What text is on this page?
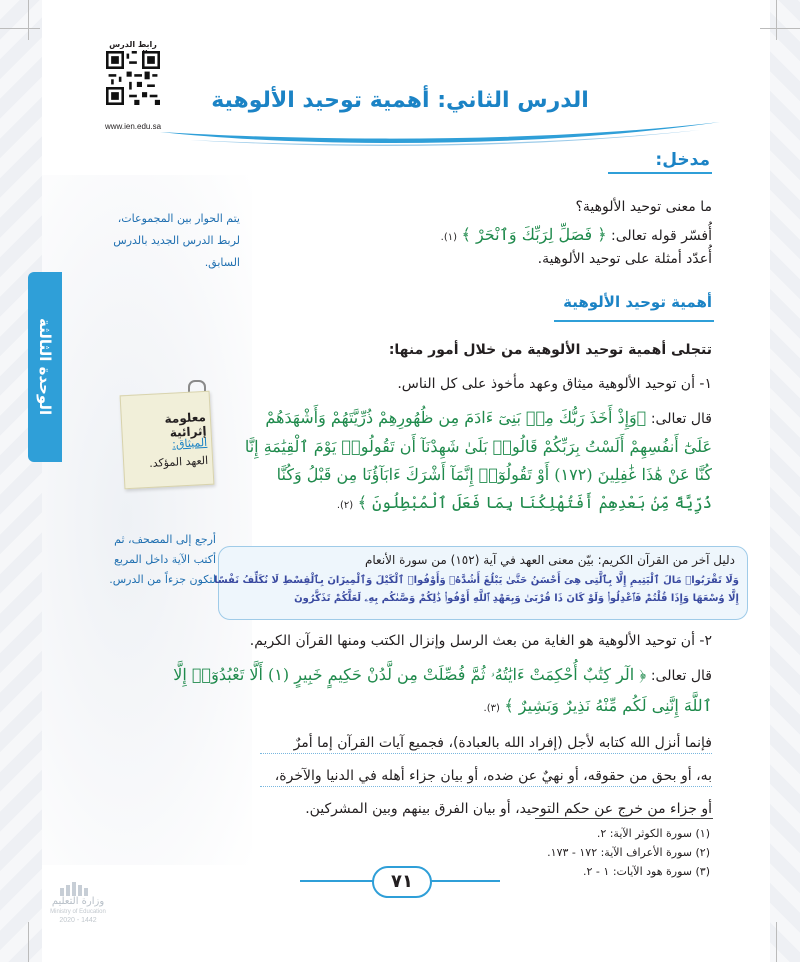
الوحدة الثالثة
رابط الدرس
www.ien.edu.sa
الدرس الثاني: أهمية توحيد الألوهية
مدخل:
ما معنى توحيد الألوهية؟
أُفسّر قوله تعالى: ﴿ فَصَلِّ لِرَبِّكَ وَٱنْحَرْ ﴾ (١).
أُعدّد أمثلة على توحيد الألوهية.
يتم الحوار بين المجموعات،
لربط الدرس الجديد بالدرس
السابق.
أهمية توحيد الألوهية
تتجلى أهمية توحيد الألوهية من خلال أمور منها:
١- أن توحيد الألوهية ميثاق وعهد مأخوذ على كل الناس.
قال تعالى: ﴿وَإِذْ أَخَذَ رَبُّكَ مِنۢ بَنِىٓ ءَادَمَ مِن ظُهُورِهِمْ ذُرِّيَّتَهُمْ وَأَشْهَدَهُمْ
عَلَىٰٓ أَنفُسِهِمْ أَلَسْتُ بِرَبِّكُمْ قَالُوا۟ بَلَىٰ شَهِدْنَآ أَن تَقُولُوا۟ يَوْمَ ٱلْقِيَٰمَةِ إِنَّا
كُنَّا عَنْ هَٰذَا غَٰفِلِينَ (١٧٢) أَوْ تَقُولُوٓا۟ إِنَّمَآ أَشْرَكَ ءَابَآؤُنَا مِن قَبْلُ وَكُنَّا
ذُرِّيَّةً مِّنۢ بَعْدِهِمْ أَفَتُهْلِكُنَا بِمَا فَعَلَ ٱلْمُبْطِلُونَ ﴾ (٢).
معلومة إثرائية
الميثاق:
العهد المؤكد.
أرجع إلى المصحف، ثم
أكتب الآية داخل المربع
لتكون جزءاً من الدرس.
دليل آخر من القرآن الكريم: بيّن معنى العهد في آية (١٥٢) من سورة الأنعام
وَلَا تَقْرَبُوا۟ مَالَ ٱلْيَتِيمِ إِلَّا بِٱلَّتِى هِىَ أَحْسَنُ حَتَّىٰ يَبْلُغَ أَشُدَّهُۥ وَأَوْفُوا۟ ٱلْكَيْلَ وَٱلْمِيزَانَ بِٱلْقِسْطِ لَا نُكَلِّفُ نَفْسًا
إِلَّا وُسْعَهَا وَإِذَا قُلْتُمْ فَٱعْدِلُوا۟ وَلَوْ كَانَ ذَا قُرْبَىٰ وَبِعَهْدِ ٱللَّهِ أَوْفُوا۟ ذَٰلِكُمْ وَصَّىٰكُم بِهِۦ لَعَلَّكُمْ تَذَكَّرُونَ
٢- أن توحيد الألوهية هو الغاية من بعث الرسل وإنزال الكتب ومنها القرآن الكريم.
قال تعالى: ﴿ الٓر كِتَٰبٌ أُحْكِمَتْ ءَايَٰتُهُۥ ثُمَّ فُصِّلَتْ مِن لَّدُنْ حَكِيمٍ خَبِيرٍ (١) أَلَّا تَعْبُدُوٓا۟ إِلَّا
ٱللَّهَ إِنَّنِى لَكُم مِّنْهُ نَذِيرٌ وَبَشِيرٌ ﴾ (٣).
فإنما أنزل الله كتابه لأجل (إفراد الله بالعبادة)، فجميع آيات القرآن إما أمرٌ
به، أو بحق من حقوقه، أو نهيٌ عن ضده، أو بيان جزاء أهله في الدنيا والآخرة،
أو جزاء من خرج عن حكم التوحيد، أو بيان الفرق بينهم وبين المشركين.
(١) سورة الكوثر الآية: ٢.
(٢) سورة الأعراف الآية: ١٧٢ - ١٧٣.
(٣) سورة هود الآيات: ١ - ٢.
٧١
وزارة التعليم
Ministry of Education
2020 - 1442
